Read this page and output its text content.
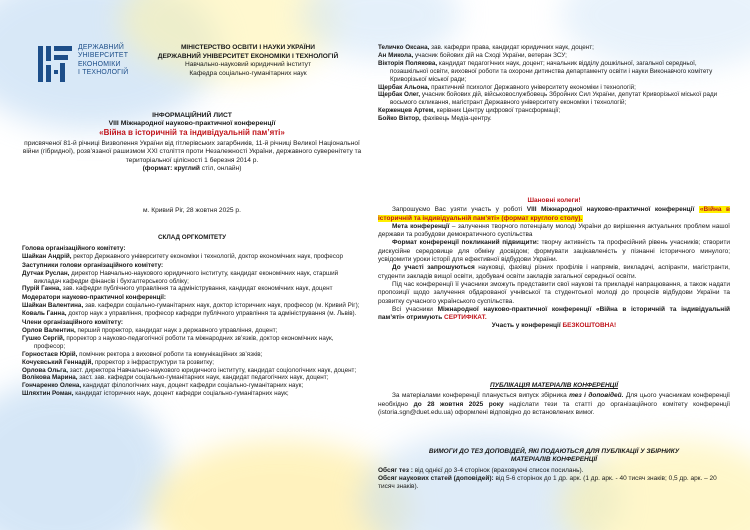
ДЕРЖАВНИЙ
УНІВЕРСИТЕТ
ЕКОНОМІКИ
І ТЕХНОЛОГІЙ
МІНІСТЕРСТВО ОСВІТИ І НАУКИ УКРАЇНИ
ДЕРЖАВНИЙ УНІВЕРСИТЕТ ЕКОНОМІКИ І ТЕХНОЛОГІЙ
Навчально-науковий юридичний інститут
Кафедра соціально-гуманітарних наук
ІНФОРМАЦІЙНИЙ ЛИСТ
VIII Міжнародної науково-практичної конференції
«Війна в історичній та індивідуальній пам’яті»
присвяченої 81-й річниці Визволення України від гітлерівських загарбників, 11-й річниці Великої Національної війни (гібридної), розв’язаної рашизмом XXI століття проти Незалежності України, державного суверенітету та територіальної цілісності 1 березня 2014 р.
(формат: круглий стіл, онлайн)
м. Кривий Ріг, 28 жовтня 2025 р.
СКЛАД ОРГКОМІТЕТУ
Голова організаційного комітету:
Шайкан Андрій, ректор Державного університету економіки і технологій, доктор економічних наук, професор
Заступники голови організаційного комітету:
Дутчак Руслан, директор Навчально-наукового юридичного інституту, кандидат економічних наук, старший викладач кафедри фінансів і бухгалтерського обліку;
Пурій Ганна, зав. кафедри публічного управління та адміністрування, кандидат економічних наук, доцент
Модератори науково-практичної конференції:
Шайкан Валентина, зав. кафедри соціально-гуманітарних наук, доктор історичних наук, професор (м. Кривий Ріг);
Коваль Ганна, доктор наук з управління, професор кафедри публічного управління та адміністрування (м. Львів).
Члени організаційного комітету:
Орлов Валентин, перший проректор, кандидат наук з державного управління, доцент;
Гушко Сергій, проректор з науково-педагогічної роботи та міжнародних зв’язків, доктор економічних наук, професор;
Горностаєв Юрій, помічник ректора з виховної роботи та комунікаційних зв’язків;
Кочуєвський Геннадій, проректор з інфраструктури та розвитку;
Орлова Ольга, заст. директора Навчально-наукового юридичного інституту, кандидат соціологічних наук, доцент;
Волікова Марина, заст. зав. кафедри соціально-гуманітарних наук, кандидат педагогічних наук, доцент;
Гончаренко Олена, кандидат філологічних наук, доцент кафедри соціально-гуманітарних наук;
Шляхтин Роман, кандидат історичних наук, доцент кафедри соціально-гуманітарних наук;
Теличко Оксана, зав. кафедри права, кандидат юридичних наук, доцент;
Ан Микола, учасник бойових дій на Сході України, ветеран ЗСУ;
Вікторія Полякова, кандидат педагогічних наук, доцент; начальник відділу дошкільної, загальної середньої, позашкільної освіти, виховної роботи та охорони дитинства департаменту освіти і науки Виконавчого комітету Криворізької міської ради;
Щербак Альона, практичний психолог Державного університету економіки і технологій;
Щербак Олег, учасник бойових дій, військовослужбовець Збройних Сил України, депутат Криворізької міської ради восьмого скликання, магістрант Державного університету економіки і технологій;
Керженцев Артем, керівник Центру цифрової трансформації;
Бойко Віктор, фахівець Медіа-центру.

Шановні колеги!

Запрошуємо Вас узяти участь у роботі VIII Міжнародної науково-практичної конференції «Війна в історичній та індивідуальній пам’яті» (формат круглого столу).

Мета конференції – залучення творчого потенціалу молоді України до вирішення актуальних проблем нашої держави та розбудови демократичного суспільства

Формат конференції покликаний підвищити: творчу активність та професійний рівень учасників; створити дискусійне середовище для обміну досвідом; формувати зацікавленість у пізнанні історичного минулого; усвідомити уроки історії для ефективної відбудови України.

До участі запрошуються науковці, фахівці різних профілів і напрямів, викладачі, аспіранти, магістранти, студенти закладів вищої освіти, здобувачі освіти закладів загальної середньої освіти.

Під час конференції її учасники зможуть представити свої наукові та прикладні напрацювання, а також надати пропозиції щодо залучення обдарованої учнівської та студентської молоді до процесів відбудови України та розвитку сучасного українського суспільства.

Всі учасники Міжнародної науково-практичної конференції «Війна в історичній та індивідуальній пам’яті» отримують СЕРТИФІКАТ.

Участь у конференції БЕЗКОШТОВНА!

ПУБЛІКАЦІЯ МАТЕРІАЛІВ КОНФЕРЕНЦІЇ

За матеріалами конференції планується випуск збірника тез і доповідей. Для цього учасникам конференції необхідно до 28 жовтня 2025 року надіслати тези та статті до організаційного комітету конференції (istoria.sgn@duet.edu.ua) оформлені відповідно до встановлених вимог.

ВИМОГИ ДО ТЕЗ ДОПОВІДЕЙ, ЯКІ ПОДАЮТЬСЯ ДЛЯ ПУБЛІКАЦІЇ У ЗБІРНИКУ
МАТЕРІАЛІВ КОНФЕРЕНЦІЇ

Обсяг тез : від однієї до 3-4 сторінок (враховуючі список посилань).

Обсяг наукових статей (доповідей): від 5-6 сторінок до 1 др. арк. (1 др. арк. - 40 тисяч знаків; 0,5 др. арк. – 20 тисяч знаків).
